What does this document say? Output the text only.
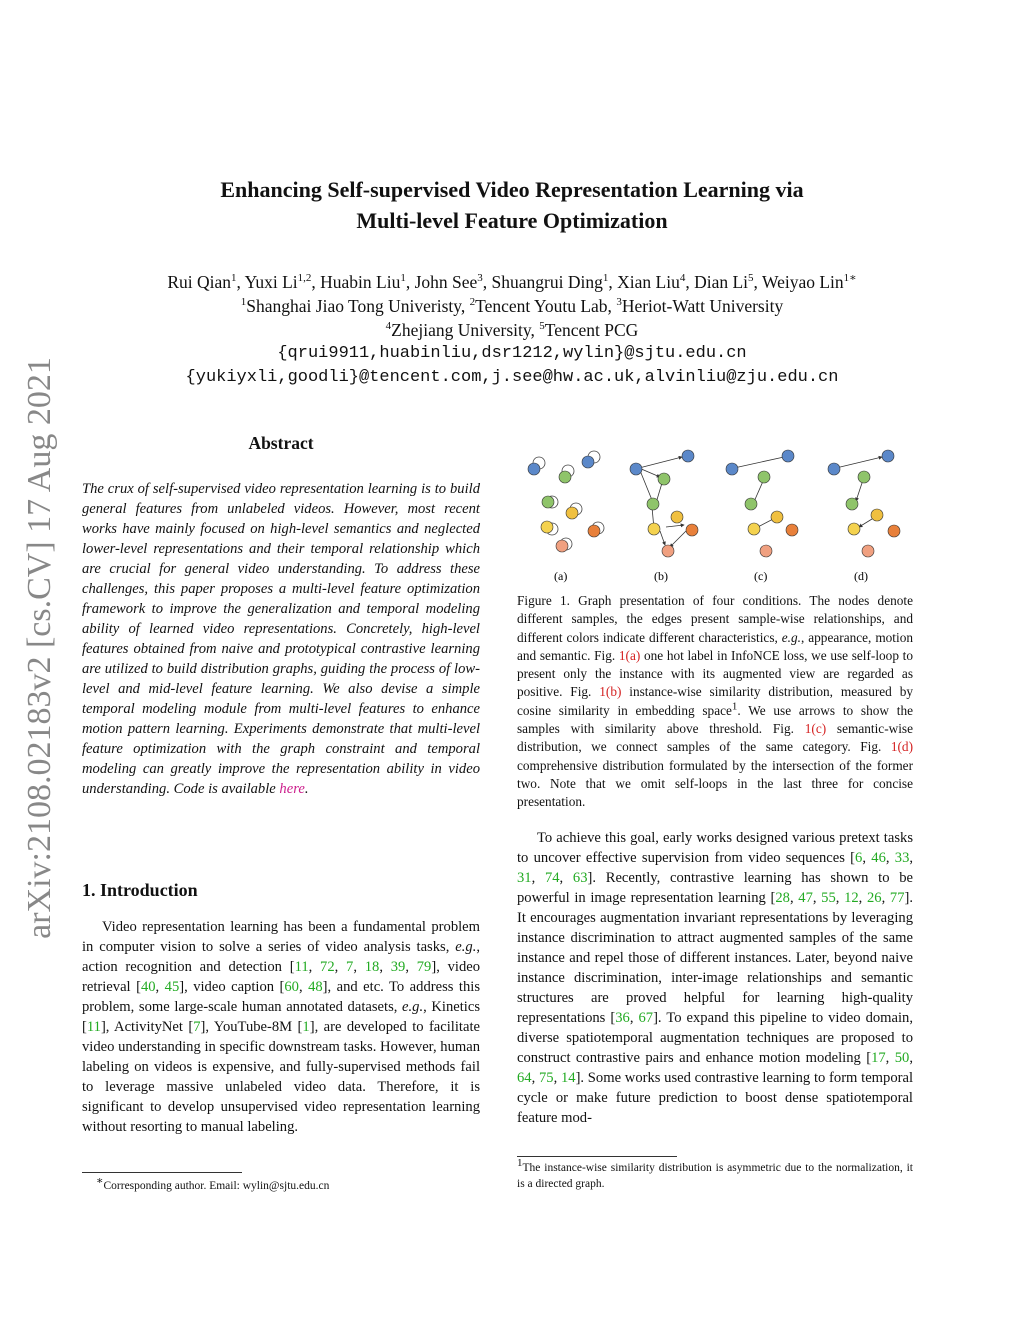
Enhancing Self-supervised Video Representation Learning via
Multi-level Feature Optimization
Rui Qian$^1$, Yuxi Li$^{1,2}$, Huabin Liu$^1$, John See$^3$, Shuangrui Ding$^1$, Xian Liu$^4$, Dian Li$^5$, Weiyao Lin$^{1∗}$
$^1$Shanghai Jiao Tong Univeristy, $^2$Tencent Youtu Lab, $^3$Heriot-Watt University
$^4$Zhejiang University, $^5$Tencent PCG
{qrui9911,huabinliu,dsr1212,wylin}@sjtu.edu.cn
{yukiyxli,goodli}@tencent.com,j.see@hw.ac.uk,alvinliu@zju.edu.cn
arXiv:2108.02183v2 [cs.CV] 17 Aug 2021	Abstract
The crux of self-supervised video representation learning is to build general features from unlabeled videos. However, most recent works have mainly focused on high-level semantics and neglected lower-level representations and their temporal relationship which are crucial for general video understanding. To address these challenges, this paper proposes a multi-level feature optimization framework to improve the generalization and temporal modeling ability of learned video representations. Concretely, high-level features obtained from naive and prototypical contrastive learning are utilized to build distribution graphs, guiding the process of low-level and mid-level feature learning. We also devise a simple temporal modeling module from multi-level features to enhance motion pattern learning. Experiments demonstrate that multi-level feature optimization with the graph constraint and temporal modeling can greatly improve the representation ability in video understanding. Code is available here.
1. Introduction

Video representation learning has been a fundamental problem in computer vision to solve a series of video analysis tasks, e.g., action recognition and detection [11, 72, 7, 18, 39, 79], video retrieval [40, 45], video caption [60, 48], and etc. To address this problem, some large-scale human annotated datasets, e.g., Kinetics [11], ActivityNet [7], YouTube-8M [1], are developed to facilitate video understanding in specific downstream tasks. However, human labeling on videos is expensive, and fully-supervised methods fail to leverage massive unlabeled video data. Therefore, it is significant to develop unsupervised video representation learning without resorting to manual labeling.

∗Corresponding author. Email: wylin@sjtu.edu.cn
(a)	(b)	(c)	(d)
Figure 1. Graph presentation of four conditions. The nodes denote different samples, the edges present sample-wise relationships, and different colors indicate different characteristics, e.g., appearance, motion and semantic. Fig. 1(a) one hot label in InfoNCE loss, we use self-loop to present only the instance with its augmented view are regarded as positive. Fig. 1(b) instance-wise similarity distribution, measured by cosine similarity in embedding space$^1$. We use arrows to show the samples with similarity above threshold. Fig. 1(c) semantic-wise distribution, we connect samples of the same category. Fig. 1(d) comprehensive distribution formulated by the intersection of the former two. Note that we omit self-loops in the last three for concise presentation.

To achieve this goal, early works designed various pretext tasks to uncover effective supervision from video sequences [6, 46, 33, 31, 74, 63]. Recently, contrastive learning has shown to be powerful in image representation learning [28, 47, 55, 12, 26, 77]. It encourages augmentation invariant representations by leveraging instance discrimination to attract augmented samples of the same instance and repel those of different instances. Later, beyond naive instance discrimination, inter-image relationships and semantic structures are proved helpful for learning high-quality representations [36, 67]. To expand this pipeline to video domain, diverse spatiotemporal augmentation techniques are proposed to construct contrastive pairs and enhance motion modeling [17, 50, 64, 75, 14]. Some works used contrastive learning to form temporal cycle or make future prediction to boost dense spatiotemporal feature mod-

$^1$The instance-wise similarity distribution is asymmetric due to the normalization, it is a directed graph.
